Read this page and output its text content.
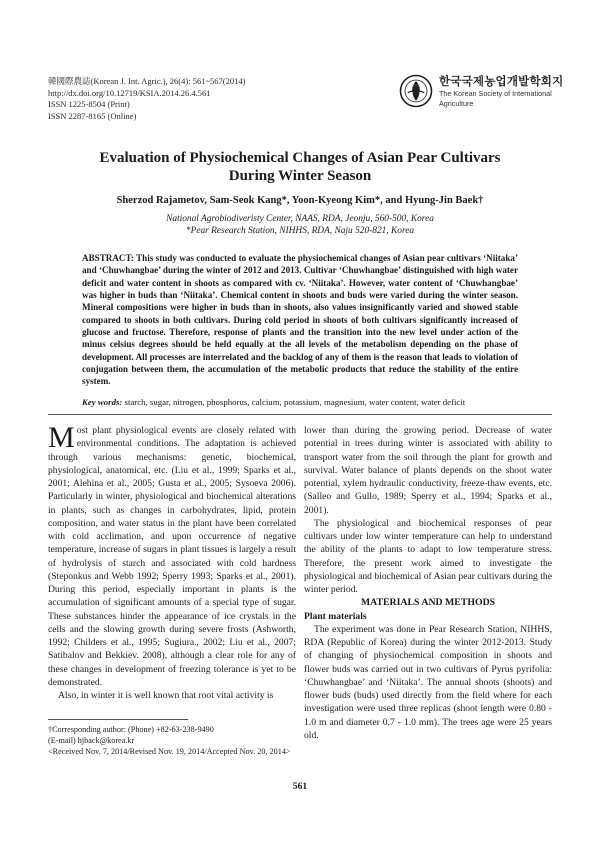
韓國際農誌(Korean J. Int. Agric.), 26(4): 561~567(2014)
http://dx.doi.org/10.12719/KSIA.2014.26.4.561
ISSN 1225-8504 (Print)
ISSN 2287-8165 (Online)
한국국제농업개발학회지
The Korean Society of International
Agriculture
Evaluation of Physiochemical Changes of Asian Pear Cultivars
During Winter Season
Sherzod Rajametov, Sam-Seok Kang*, Yoon-Kyeong Kim*, and Hyung-Jin Baek†
National Agrobiodiveristy Center, NAAS, RDA, Jeonju, 560-500, Korea
*Pear Research Station, NIHHS, RDA, Naju 520-821, Korea
ABSTRACT: This study was conducted to evaluate the physiochemical changes of Asian pear cultivars ‘Niitaka’ and ‘Chuwhangbae’ during the winter of 2012 and 2013. Cultivar ‘Chuwhangbae’ distinguished with high water deficit and water content in shoots as compared with cv. ‘Niitaka’. However, water content of ‘Chuwhangbae’ was higher in buds than ‘Niitaka’. Chemical content in shoots and buds were varied during the winter season. Mineral compositions were higher in buds than in shoots, also values insignificantly varied and showed stable compared to shoots in both cultivars. During cold period in shoots of both cultivars significantly increased of glucose and fructose. Therefore, response of plants and the transition into the new level under action of the minus celsius degrees should be held equally at the all levels of the metabolism depending on the phase of development. All processes are interrelated and the backlog of any of them is the reason that leads to violation of conjugation between them, the accumulation of the metabolic products that reduce the stability of the entire system.
Key words: starch, sugar, nitrogen, phosphorus, calcium, potassium, magnesium, water content, water deficit

Most plant physiological events are closely related with environmental conditions. The adaptation is achieved through various mechanisms: genetic, biochemical, physiological, anatomical, etc. (Liu et al., 1999; Sparks et al., 2001; Alehina et al., 2005; Gusta et al., 2005; Sysoeva 2006). Particularly in winter, physiological and biochemical alterations in plants, such as changes in carbohydrates, lipid, protein composition, and water status in the plant have been correlated with cold acclimation, and upon occurrence of negative temperature, increase of sugars in plant tissues is largely a result of hydrolysis of starch and associated with cold hardness (Steponkus and Webb 1992; Sperry 1993; Sparks et al., 2001). During this period, especially important in plants is the accumulation of significant amounts of a special type of sugar. These substances hinder the appearance of ice crystals in the cells and the slowing growth during severe frosts (Ashworth, 1992; Childers et al., 1995; Sugiura., 2002; Liu et al., 2007; Satibalov and Bekkiev. 2008), although a clear role for any of these changes in development of freezing tolerance is yet to be demonstrated.

Also, in winter it is well known that root vital activity is

lower than during the growing period. Decrease of water potential in trees during winter is associated with ability to transport water from the soil through the plant for growth and survival. Water balance of plants depends on the shoot water potential, xylem hydraulic conductivity, freeze-thaw events, etc. (Salleo and Gullo, 1989; Sperry et al., 1994; Sparks et al., 2001).

The physiological and biochemical responses of pear cultivars under low winter temperature can help to understand the ability of the plants to adapt to low temperature stress. Therefore, the present work aimed to investigate the physiological and biochemical of Asian pear cultivars during the winter period.

MATERIALS AND METHODS

Plant materials

The experiment was done in Pear Research Station, NIHHS, RDA (Republic of Korea) during the winter 2012-2013. Study of changing of physiochemical composition in shoots and flower buds was carried out in two cultivars of Pyrus pyrifolia: ‘Chuwhangbae’ and ‘Niitaka’. The annual shoots (shoots) and flower buds (buds) used directly from the field where for each investigation were used three replicas (shoot length were 0.80 - 1.0 m and diameter 0.7 - 1.0 mm). The trees age were 25 years old.

†Corresponding author: (Phone) +82-63-238-9490
(E-mail) hjback@korea.kr
<Received Nov. 7, 2014/Revised Nov. 19, 2014/Accepted Nov. 20, 2014>
561
